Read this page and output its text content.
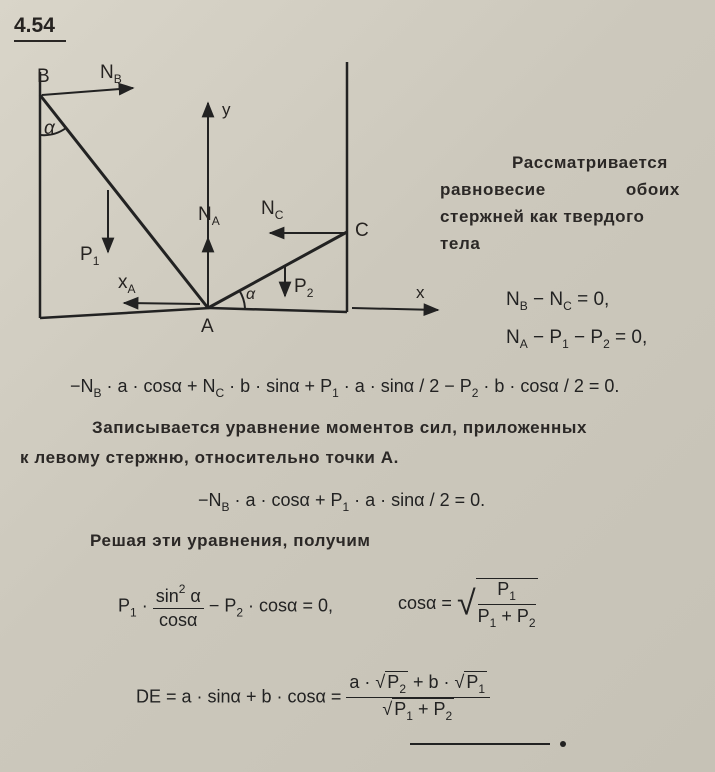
4.54
B	$N_B$
α
y
$N_A$
$N_C$
C
$P_1$
$x_A$	α $P_2$	x
A
Рассматривается
равновесие	обоих
стержней как твердого
тела
$N_B - N_C = 0$,
$N_A - P_1 - P_2 = 0$,
$-N_B \cdot a \cdot \cos\alpha + N_C \cdot b \cdot \sin\alpha + P_1 \cdot a \cdot \sin\alpha / 2 - P_2 \cdot b \cdot \cos\alpha / 2 = 0$.
Записывается уравнение моментов сил, приложенных
к левому стержню, относительно точки А.
$-N_B \cdot a \cdot \cos\alpha + P_1 \cdot a \cdot \sin\alpha / 2 = 0$.
Решая эти уравнения, получим
$P_1 \cdot \frac{\sin^2 \alpha}{\cos\alpha} - P_2 \cdot \cos\alpha = 0$,	cosα = √ $\frac{P_1}{P_1 + P_2}$
DE = $a \cdot \sin\alpha + b \cdot \cos\alpha = \frac{a \cdot √ P_2 + b \cdot √ P_1}{√ P_1 + P_2}$
